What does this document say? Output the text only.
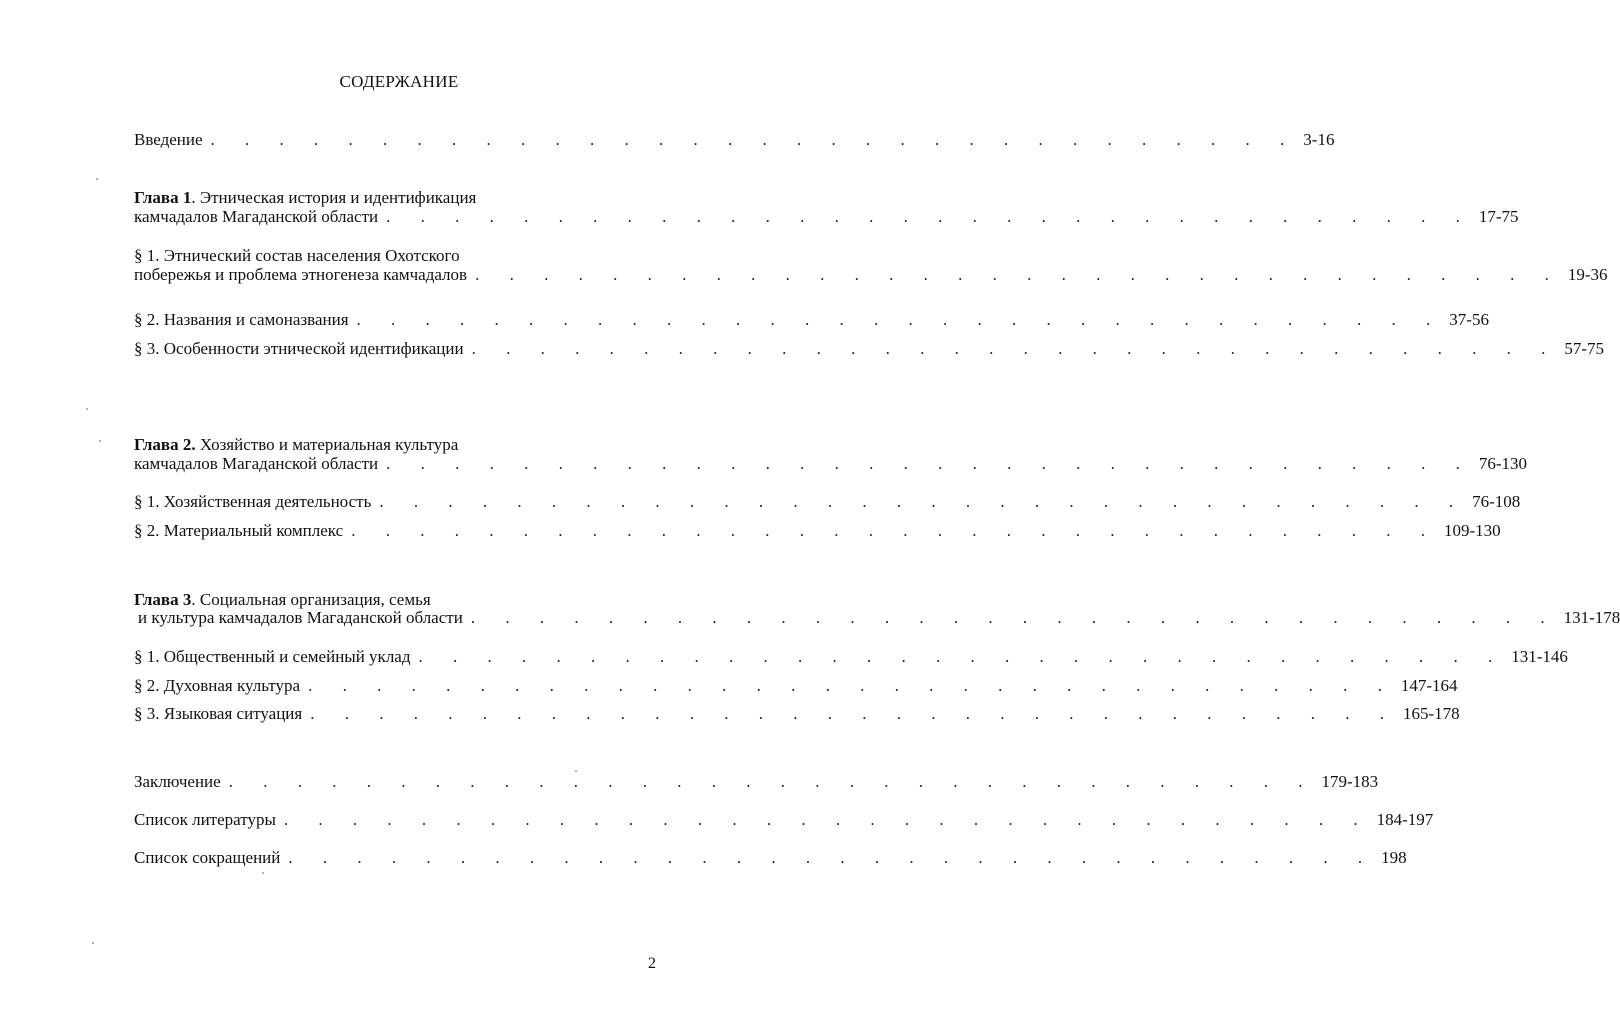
СОДЕРЖАНИЕ
Введение . . . . . . . . . . . . . . . . . . . . . . . . . . . . . . . . 3-16
Глава 1. Этническая история и идентификация
камчадалов Магаданской области . . . . . . . . . . . . . . . . . . . . . . . . . . . . . . . . 17-75
§ 1. Этнический состав населения Охотского
побережья и проблема этногенеза камчадалов . . . . . . . . . . . . . . . . . . . . . . . . . . . . . . . . 19-36
§ 2. Названия и самоназвания . . . . . . . . . . . . . . . . . . . . . . . . . . . . . . . . 37-56
§ 3. Особенности этнической идентификации . . . . . . . . . . . . . . . . . . . . . . . . . . . . . . . . 57-75
Глава 2. Хозяйство и материальная культура
камчадалов Магаданской области . . . . . . . . . . . . . . . . . . . . . . . . . . . . . . . . 76-130
§ 1. Хозяйственная деятельность . . . . . . . . . . . . . . . . . . . . . . . . . . . . . . . . 76-108
§ 2. Материальный комплекс . . . . . . . . . . . . . . . . . . . . . . . . . . . . . . . . 109-130
Глава 3. Социальная организация, семья
и культура камчадалов Магаданской области . . . . . . . . . . . . . . . . . . . . . . . . . . . . . . . . 131-178
§ 1. Общественный и семейный уклад . . . . . . . . . . . . . . . . . . . . . . . . . . . . . . . . 131-146
§ 2. Духовная культура . . . . . . . . . . . . . . . . . . . . . . . . . . . . . . . . 147-164
§ 3. Языковая ситуация . . . . . . . . . . . . . . . . . . . . . . . . . . . . . . . . 165-178
Заключение . . . . . . . . . . . . . . . . . . . . . . . . . . . . . . . . 179-183
Список литературы . . . . . . . . . . . . . . . . . . . . . . . . . . . . . . . . 184-197
Список сокращений . . . . . . . . . . . . . . . . . . . . . . . . . . . . . . . . 198
2
